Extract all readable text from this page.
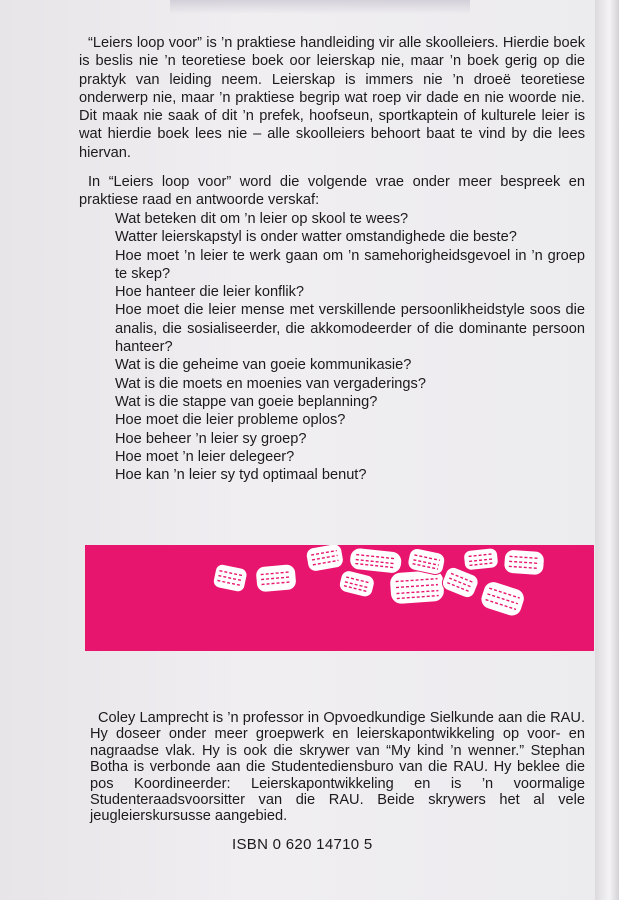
“Leiers loop voor” is ’n praktiese handleiding vir alle skoolleiers. Hierdie boek is beslis nie ’n teoretiese boek oor leierskap nie, maar ’n boek gerig op die praktyk van leiding neem. Leierskap is immers nie ’n droeë teoretiese onderwerp nie, maar ’n praktiese begrip wat roep vir dade en nie woorde nie. Dit maak nie saak of dit ’n prefek, hoofseun, sportkaptein of kulturele leier is wat hierdie boek lees nie – alle skoolleiers behoort baat te vind by die lees hiervan.

In “Leiers loop voor” word die volgende vrae onder meer bespreek en praktiese raad en antwoorde verskaf:

Wat beteken dit om ’n leier op skool te wees?
Watter leierskapstyl is onder watter omstandighede die beste?
Hoe moet ’n leier te werk gaan om ’n samehorigheidsgevoel in ’n groep te skep?
Hoe hanteer die leier konflik?
Hoe moet die leier mense met verskillende persoonlikheidstyle soos die analis, die sosialiseerder, die akkomodeerder of die dominante persoon hanteer?
Wat is die geheime van goeie kommunikasie?
Wat is die moets en moenies van vergaderings?
Wat is die stappe van goeie beplanning?
Hoe moet die leier probleme oplos?
Hoe beheer ’n leier sy groep?
Hoe moet ’n leier delegeer?
Hoe kan ’n leier sy tyd optimaal benut?

Coley Lamprecht is ’n professor in Opvoedkundige Sielkunde aan die RAU. Hy doseer onder meer groepwerk en leierskapontwikkeling op voor- en nagraadse vlak. Hy is ook die skrywer van “My kind ’n wenner.” Stephan Botha is verbonde aan die Studentediensburo van die RAU. Hy beklee die pos Koordineerder: Leierskapontwikkeling en is ’n voormalige Studenteraadsvoorsitter van die RAU. Beide skrywers het al vele jeugleierskursusse aangebied.

ISBN 0 620 14710 5
